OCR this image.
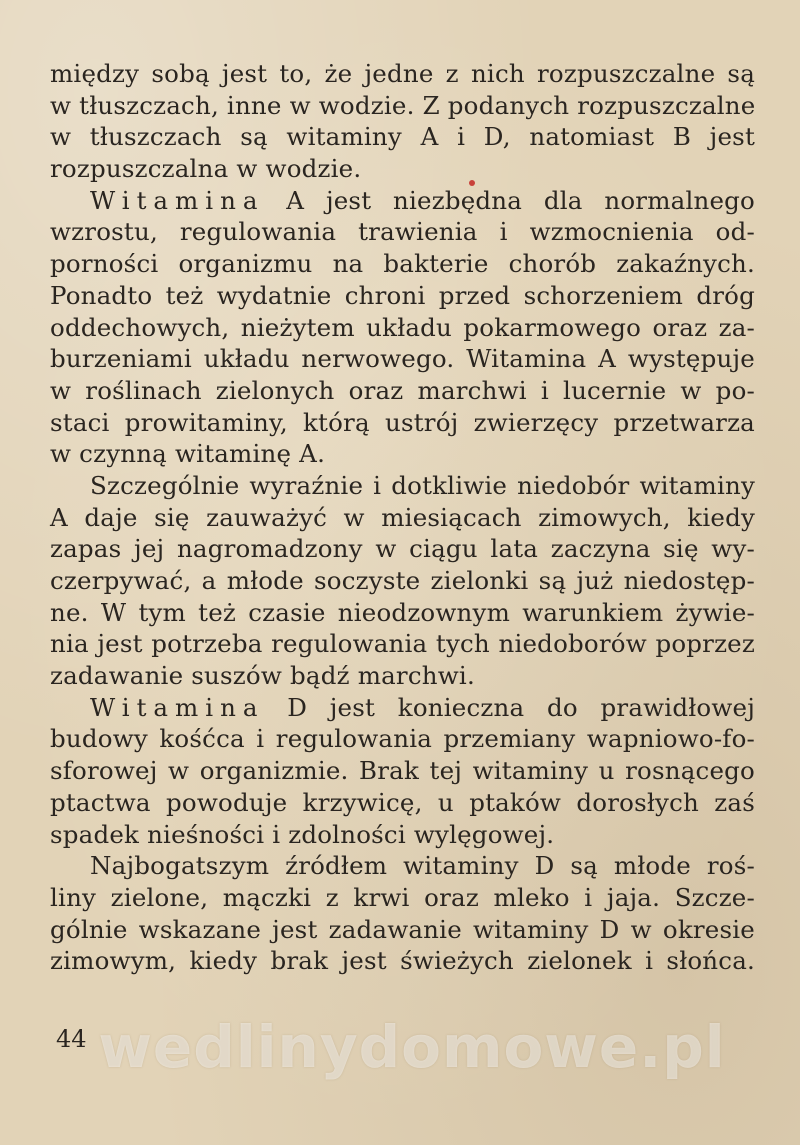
między sobą jest to, że jedne z nich rozpuszczalne są
w tłuszczach, inne w wodzie. Z podanych rozpuszczalne
w tłuszczach są witaminy A i D, natomiast B jest
rozpuszczalna w wodzie.
Witamina A jest niezbędna dla normalnego
wzrostu, regulowania trawienia i wzmocnienia od-
porności organizmu na bakterie chorób zakaźnych.
Ponadto też wydatnie chroni przed schorzeniem dróg
oddechowych, nieżytem układu pokarmowego oraz za-
burzeniami układu nerwowego. Witamina A występuje
w roślinach zielonych oraz marchwi i lucernie w po-
staci prowitaminy, którą ustrój zwierzęcy przetwarza
w czynną witaminę A.
Szczególnie wyraźnie i dotkliwie niedobór witaminy
A daje się zauważyć w miesiącach zimowych, kiedy
zapas jej nagromadzony w ciągu lata zaczyna się wy-
czerpywać, a młode soczyste zielonki są już niedostęp-
ne. W tym też czasie nieodzownym warunkiem żywie-
nia jest potrzeba regulowania tych niedoborów poprzez
zadawanie suszów bądź marchwi.
Witamina D jest konieczna do prawidłowej
budowy kośćca i regulowania przemiany wapniowo-fo-
sforowej w organizmie. Brak tej witaminy u rosnącego
ptactwa powoduje krzywicę, u ptaków dorosłych zaś
spadek nieśności i zdolności wylęgowej.
Najbogatszym źródłem witaminy D są młode roś-
liny zielone, mączki z krwi oraz mleko i jaja. Szcze-
gólnie wskazane jest zadawanie witaminy D w okresie
zimowym, kiedy brak jest świeżych zielonek i słońca.
44 wedlinydomowe.pl
